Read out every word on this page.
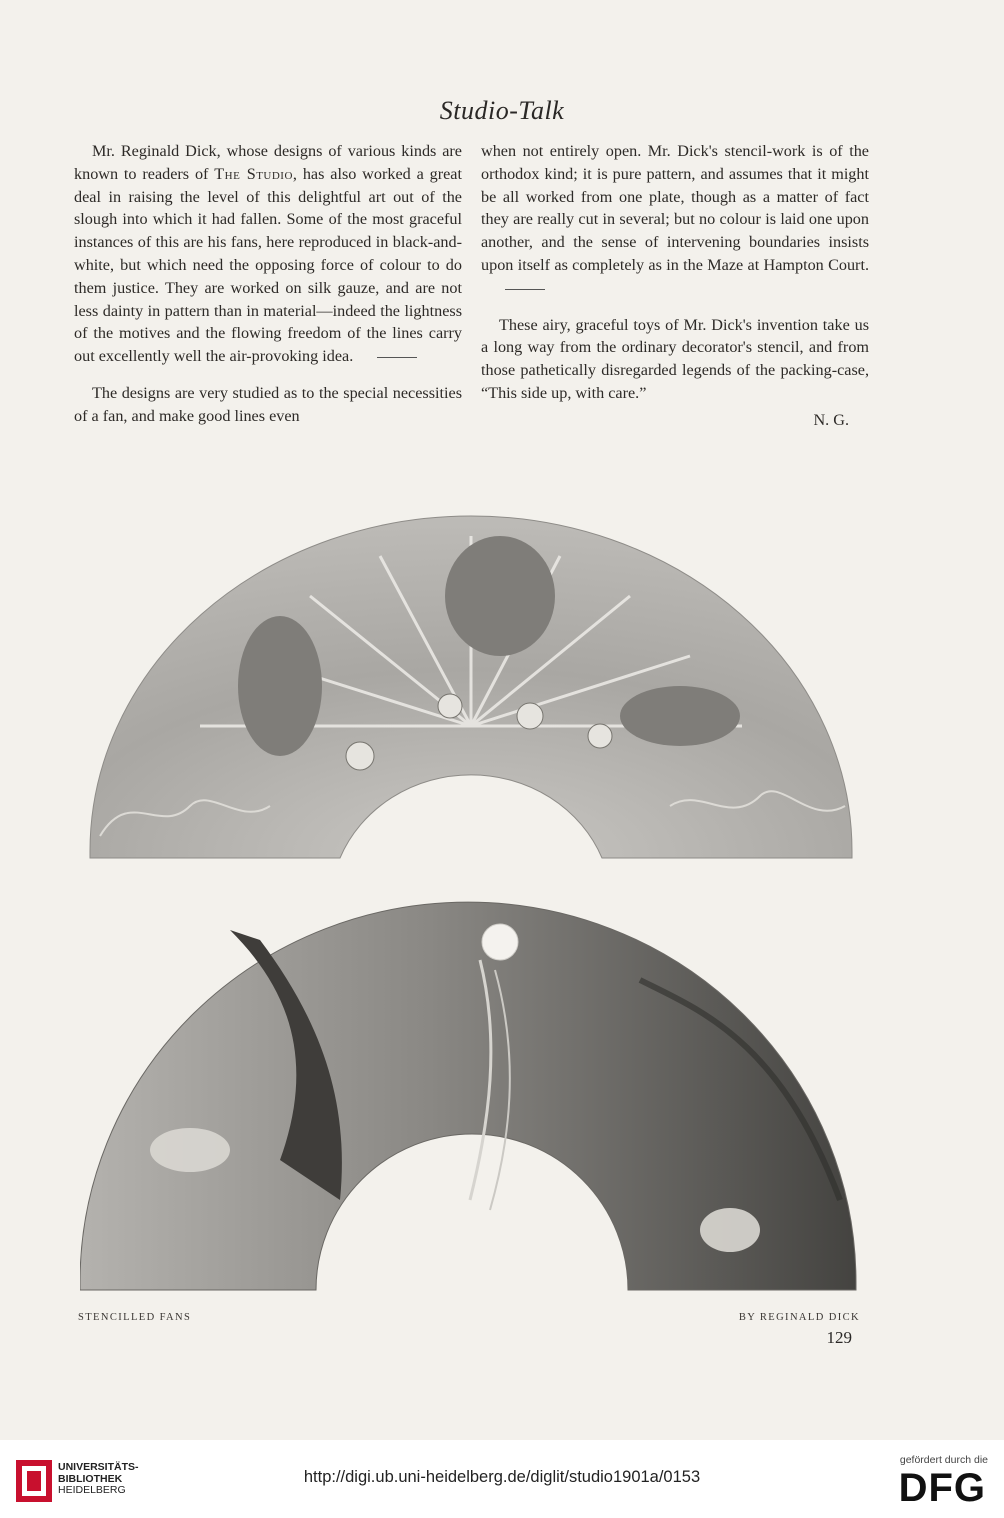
Studio-Talk

Mr. Reginald Dick, whose designs of various kinds are known to readers of The Studio, has also worked a great deal in raising the level of this delightful art out of the slough into which it had fallen. Some of the most graceful instances of this are his fans, here reproduced in black-and-white, but which need the opposing force of colour to do them justice. They are worked on silk gauze, and are not less dainty in pattern than in material—indeed the lightness of the motives and the flowing freedom of the lines carry out excellently well the air-provoking idea.

The designs are very studied as to the special necessities of a fan, and make good lines even

when not entirely open. Mr. Dick's stencil-work is of the orthodox kind; it is pure pattern, and assumes that it might be all worked from one plate, though as a matter of fact they are really cut in several; but no colour is laid one upon another, and the sense of intervening boundaries insists upon itself as completely as in the Maze at Hampton Court.

These airy, graceful toys of Mr. Dick's invention take us a long way from the ordinary decorator's stencil, and from those pathetically disregarded legends of the packing-case, “This side up, with care.”

N. G.
STENCILLED FANS	BY REGINALD DICK
129
UNIVERSITÄTS-
BIBLIOTHEK
HEIDELBERG
http://digi.ub.uni-heidelberg.de/diglit/studio1901a/0153
gefördert durch die
DFG
